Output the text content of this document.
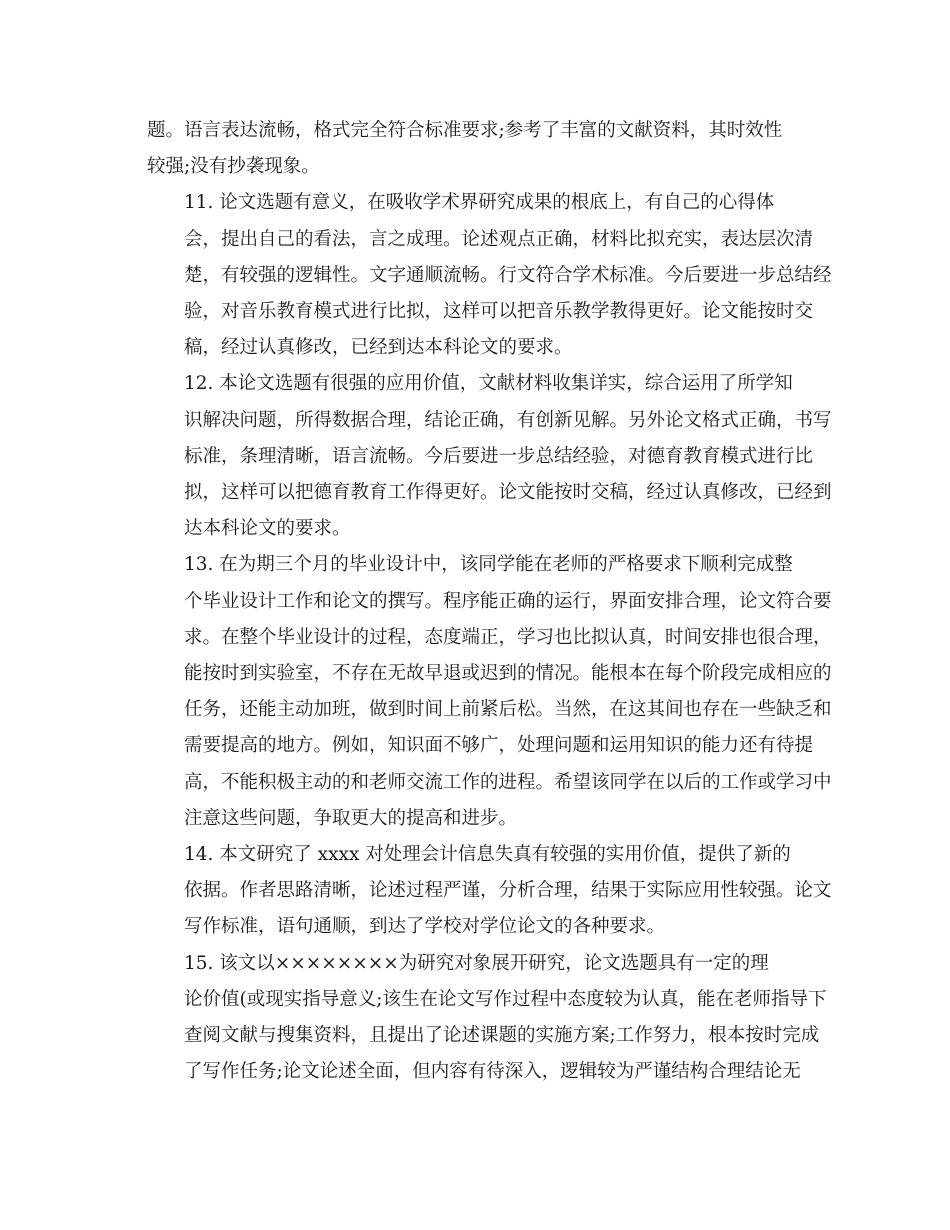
题。语言表达流畅，格式完全符合标准要求;参考了丰富的文献资料，其时效性
较强;没有抄袭现象。
11. 论文选题有意义，在吸收学术界研究成果的根底上，有自己的心得体
会，提出自己的看法，言之成理。论述观点正确，材料比拟充实，表达层次清
楚，有较强的逻辑性。文字通顺流畅。行文符合学术标准。今后要进一步总结经
验，对音乐教育模式进行比拟，这样可以把音乐教学教得更好。论文能按时交
稿，经过认真修改，已经到达本科论文的要求。
12. 本论文选题有很强的应用价值，文献材料收集详实，综合运用了所学知
识解决问题，所得数据合理，结论正确，有创新见解。另外论文格式正确，书写
标准，条理清晰，语言流畅。今后要进一步总结经验，对德育教育模式进行比
拟，这样可以把德育教育工作得更好。论文能按时交稿，经过认真修改，已经到
达本科论文的要求。
13. 在为期三个月的毕业设计中，该同学能在老师的严格要求下顺利完成整
个毕业设计工作和论文的撰写。程序能正确的运行，界面安排合理，论文符合要
求。在整个毕业设计的过程，态度端正，学习也比拟认真，时间安排也很合理，
能按时到实验室，不存在无故早退或迟到的情况。能根本在每个阶段完成相应的
任务，还能主动加班，做到时间上前紧后松。当然，在这其间也存在一些缺乏和
需要提高的地方。例如，知识面不够广，处理问题和运用知识的能力还有待提
高，不能积极主动的和老师交流工作的进程。希望该同学在以后的工作或学习中
注意这些问题，争取更大的提高和进步。
14. 本文研究了 xxxx 对处理会计信息失真有较强的实用价值，提供了新的
依据。作者思路清晰，论述过程严谨，分析合理，结果于实际应用性较强。论文
写作标准，语句通顺，到达了学校对学位论文的各种要求。
15. 该文以××××××××为研究对象展开研究，论文选题具有一定的理
论价值(或现实指导意义;该生在论文写作过程中态度较为认真，能在老师指导下
查阅文献与搜集资料，且提出了论述课题的实施方案;工作努力，根本按时完成
了写作任务;论文论述全面，但内容有待深入，逻辑较为严谨结构合理结论无
